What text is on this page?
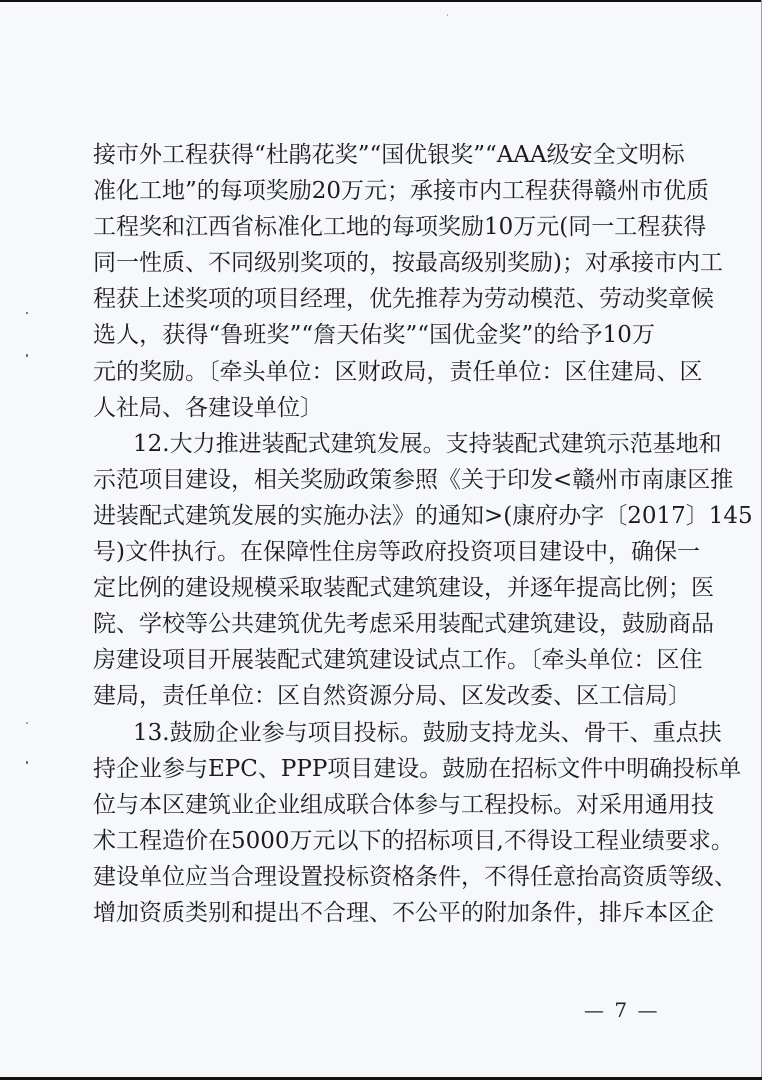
接市外工程获得“杜鹃花奖”“国优银奖”“AAA级安全文明标
准化工地”的每项奖励20万元；承接市内工程获得赣州市优质
工程奖和江西省标准化工地的每项奖励10万元(同一工程获得
同一性质、不同级别奖项的，按最高级别奖励)；对承接市内工
程获上述奖项的项目经理，优先推荐为劳动模范、劳动奖章候
选人，获得“鲁班奖”“詹天佑奖”“国优金奖”的给予10万
元的奖励。〔牵头单位：区财政局，责任单位：区住建局、区
人社局、各建设单位〕
12.大力推进装配式建筑发展。支持装配式建筑示范基地和
示范项目建设，相关奖励政策参照《关于印发<赣州市南康区推
进装配式建筑发展的实施办法》的通知>(康府办字〔2017〕145
号)文件执行。在保障性住房等政府投资项目建设中，确保一
定比例的建设规模采取装配式建筑建设，并逐年提高比例；医
院、学校等公共建筑优先考虑采用装配式建筑建设，鼓励商品
房建设项目开展装配式建筑建设试点工作。〔牵头单位：区住
建局，责任单位：区自然资源分局、区发改委、区工信局〕
13.鼓励企业参与项目投标。鼓励支持龙头、骨干、重点扶
持企业参与EPC、PPP项目建设。鼓励在招标文件中明确投标单
位与本区建筑业企业组成联合体参与工程投标。对采用通用技
术工程造价在5000万元以下的招标项目,不得设工程业绩要求。
建设单位应当合理设置投标资格条件，不得任意抬高资质等级、
增加资质类别和提出不合理、不公平的附加条件，排斥本区企
— 7 —
